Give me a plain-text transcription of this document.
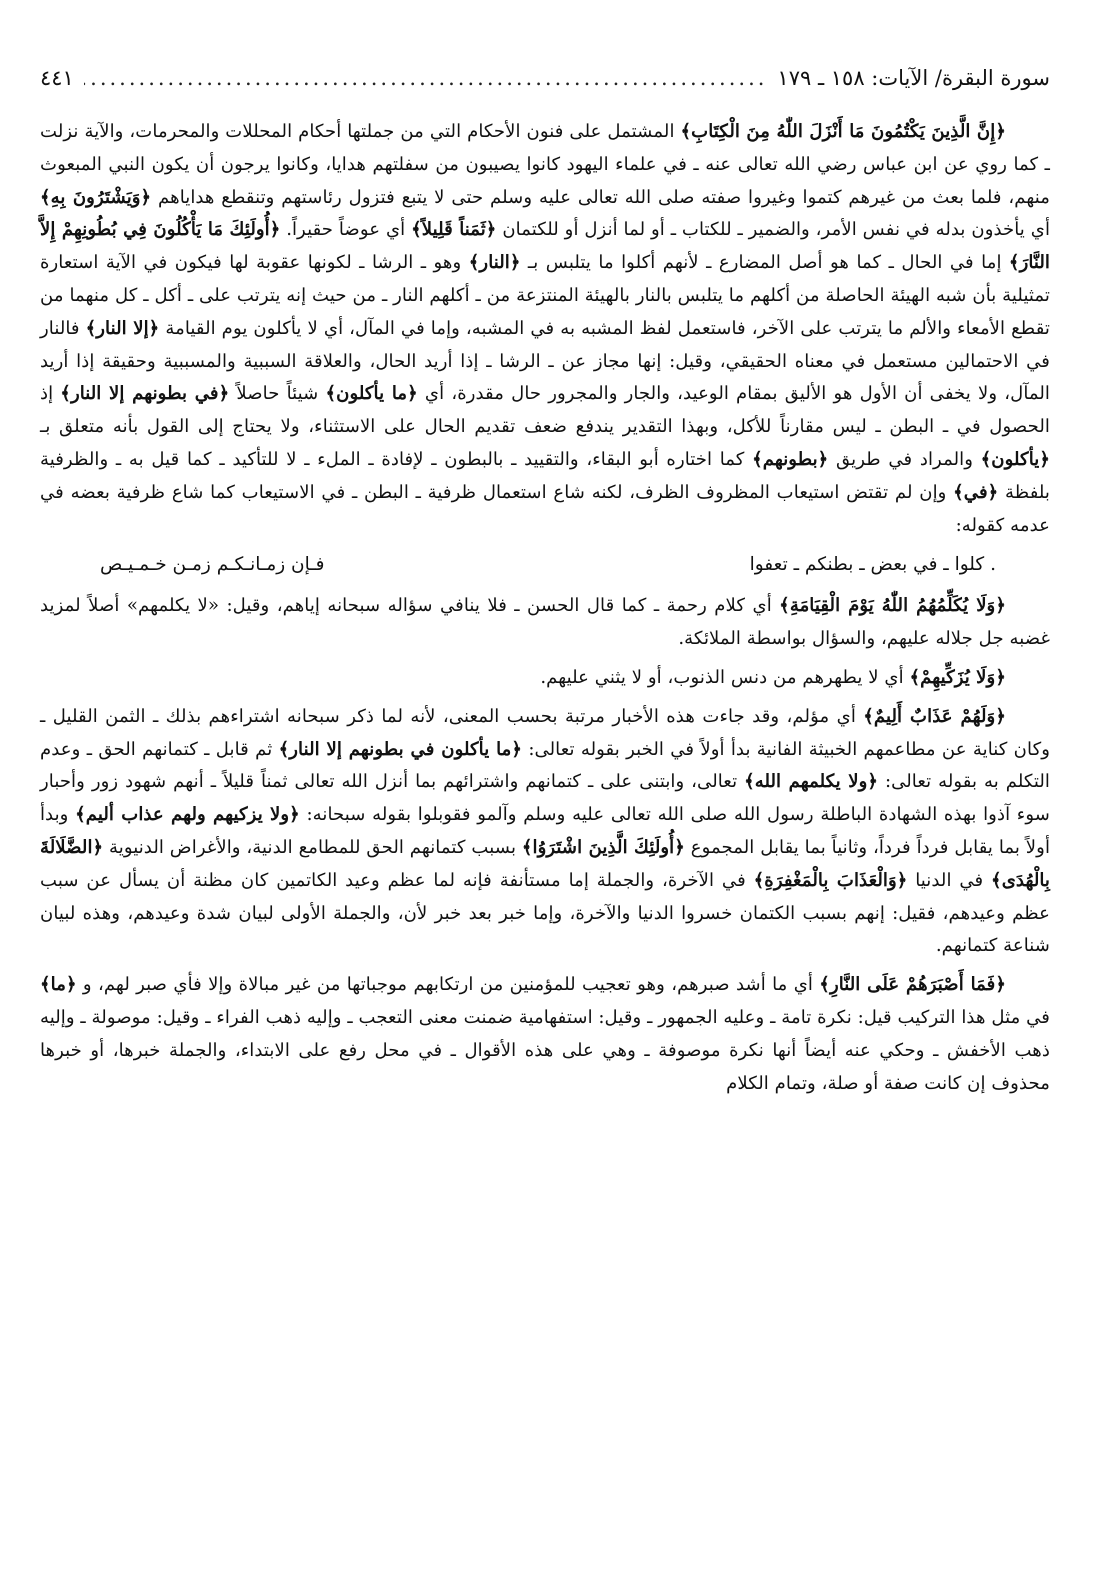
سورة البقرة/ الآيات: ١٥٨ ـ ١٧٩
.....
٤٤١

﴿إِنَّ الَّذِينَ يَكْتُمُونَ مَا أَنْزَلَ اللّٰهُ مِنَ الْكِتَابِ﴾ المشتمل على فنون الأحكام التي من جملتها أحكام المحللات والمحرمات، والآية نزلت ـ كما روي عن ابن عباس رضي الله تعالى عنه ـ في علماء اليهود كانوا يصيبون من سفلتهم هدايا، وكانوا يرجون أن يكون النبي المبعوث منهم، فلما بعث من غيرهم كتموا وغيروا صفته صلى الله تعالى عليه وسلم حتى لا يتبع فتزول رئاستهم وتنقطع هداياهم ﴿وَيَشْتَرُونَ بِهِ﴾ أي يأخذون بدله في نفس الأمر، والضمير ـ للكتاب ـ أو لما أنزل أو للكتمان ﴿ثَمَناً قَلِيلاً﴾ أي عوضاً حقيراً. ﴿أُولَئِكَ مَا يَأْكُلُونَ فِي بُطُونِهِمْ إِلاَّ النَّارَ﴾ إما في الحال ـ كما هو أصل المضارع ـ لأنهم أكلوا ما يتلبس بـ ﴿النار﴾ وهو ـ الرشا ـ لكونها عقوبة لها فيكون في الآية استعارة تمثيلية بأن شبه الهيئة الحاصلة من أكلهم ما يتلبس بالنار بالهيئة المنتزعة من ـ أكلهم النار ـ من حيث إنه يترتب على ـ أكل ـ كل منهما من تقطع الأمعاء والألم ما يترتب على الآخر، فاستعمل لفظ المشبه به في المشبه، وإما في المآل، أي لا يأكلون يوم القيامة ﴿إلا النار﴾ فالنار في الاحتمالين مستعمل في معناه الحقيقي، وقيل: إنها مجاز عن ـ الرشا ـ إذا أريد الحال، والعلاقة السببية والمسببية وحقيقة إذا أريد المآل، ولا يخفى أن الأول هو الأليق بمقام الوعيد، والجار والمجرور حال مقدرة، أي ﴿ما يأكلون﴾ شيئاً حاصلاً ﴿في بطونهم إلا النار﴾ إذ الحصول في ـ البطن ـ ليس مقارناً للأكل، وبهذا التقدير يندفع ضعف تقديم الحال على الاستثناء، ولا يحتاج إلى القول بأنه متعلق بـ ﴿يأكلون﴾ والمراد في طريق ﴿بطونهم﴾ كما اختاره أبو البقاء، والتقييد ـ بالبطون ـ لإفادة ـ الملء ـ لا للتأكيد ـ كما قيل به ـ والظرفية بلفظة ﴿في﴾ وإن لم تقتض استيعاب المظروف الظرف، لكنه شاع استعمال ظرفية ـ البطن ـ في الاستيعاب كما شاع ظرفية بعضه في عدمه كقوله:

. كلوا ـ في بعض ـ بطنكم ـ تعفوا
فـإن زمـانـكـم زمـن خـمـيـص

﴿وَلَا يُكَلِّمُهُمُ اللّٰهُ يَوْمَ الْقِيَامَةِ﴾ أي كلام رحمة ـ كما قال الحسن ـ فلا ينافي سؤاله سبحانه إياهم، وقيل: «لا يكلمهم» أصلاً لمزيد غضبه جل جلاله عليهم، والسؤال بواسطة الملائكة.

﴿وَلَا يُزَكِّيهِمْ﴾ أي لا يطهرهم من دنس الذنوب، أو لا يثني عليهم.

﴿وَلَهُمْ عَذَابٌ أَلِيمٌ﴾ أي مؤلم، وقد جاءت هذه الأخبار مرتبة بحسب المعنى، لأنه لما ذكر سبحانه اشتراءهم بذلك ـ الثمن القليل ـ وكان كناية عن مطاعمهم الخبيثة الفانية بدأ أولاً في الخبر بقوله تعالى: ﴿ما يأكلون في بطونهم إلا النار﴾ ثم قابل ـ كتمانهم الحق ـ وعدم التكلم به بقوله تعالى: ﴿ولا يكلمهم الله﴾ تعالى، وابتنى على ـ كتمانهم واشترائهم بما أنزل الله تعالى ثمناً قليلاً ـ أنهم شهود زور وأحبار سوء آذوا بهذه الشهادة الباطلة رسول الله صلى الله تعالى عليه وسلم وآلمو فقوبلوا بقوله سبحانه: ﴿ولا يزكيهم ولهم عذاب أليم﴾ وبدأ أولاً بما يقابل فرداً فرداً، وثانياً بما يقابل المجموع ﴿أُولَئِكَ الَّذِينَ اشْتَرَوُا﴾ بسبب كتمانهم الحق للمطامع الدنية، والأغراض الدنيوية ﴿الضَّلَالَةَ بِالْهُدَى﴾ في الدنيا ﴿وَالْعَذَابَ بِالْمَغْفِرَةِ﴾ في الآخرة، والجملة إما مستأنفة فإنه لما عظم وعيد الكاتمين كان مظنة أن يسأل عن سبب عظم وعيدهم، فقيل: إنهم بسبب الكتمان خسروا الدنيا والآخرة، وإما خبر بعد خبر لأن، والجملة الأولى لبيان شدة وعيدهم، وهذه لبيان شناعة كتمانهم.

﴿فَمَا أَصْبَرَهُمْ عَلَى النَّارِ﴾ أي ما أشد صبرهم، وهو تعجيب للمؤمنين من ارتكابهم موجباتها من غير مبالاة وإلا فأي صبر لهم، و ﴿ما﴾ في مثل هذا التركيب قيل: نكرة تامة ـ وعليه الجمهور ـ وقيل: استفهامية ضمنت معنى التعجب ـ وإليه ذهب الفراء ـ وقيل: موصولة ـ وإليه ذهب الأخفش ـ وحكي عنه أيضاً أنها نكرة موصوفة ـ وهي على هذه الأقوال ـ في محل رفع على الابتداء، والجملة خبرها، أو خبرها محذوف إن كانت صفة أو صلة، وتمام الكلام
